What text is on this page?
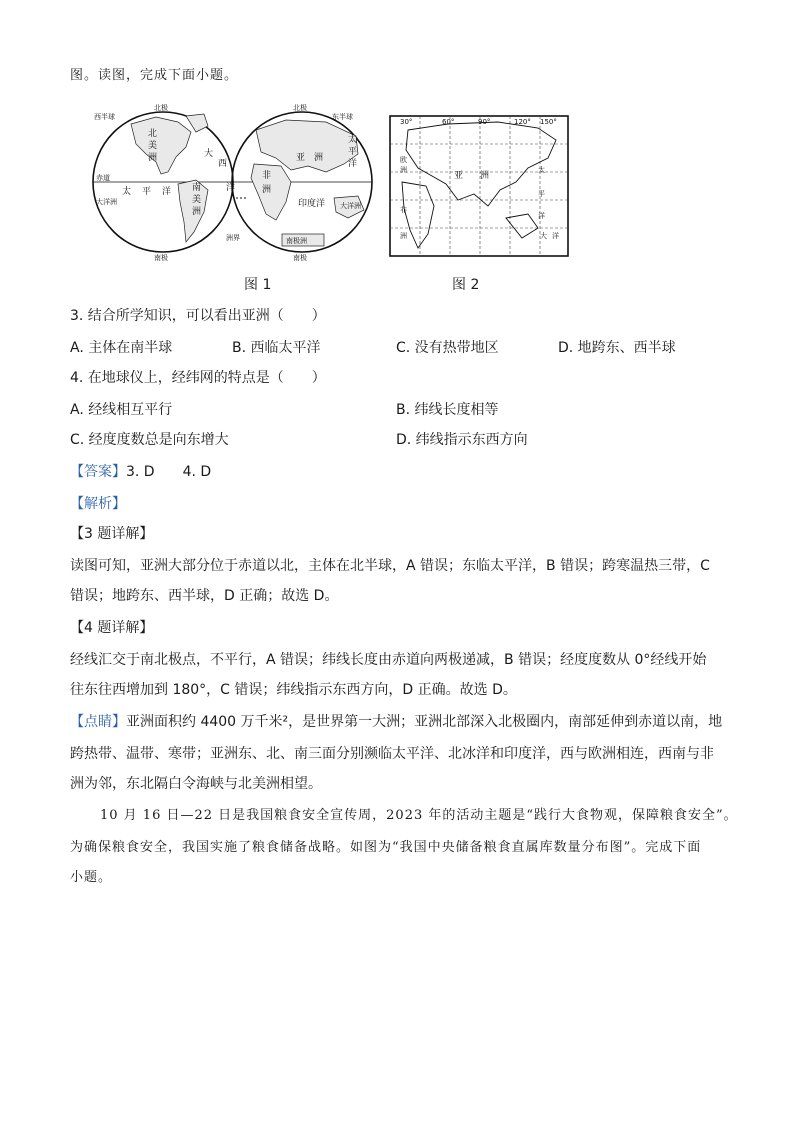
图。读图，完成下面小题。
西半球
北极	北极
东半球
北
美
洲	大
西
洋
赤道
太 平 洋
大洋洲
南
美
洲
亚 洲
非
洲
印度洋
太
平
洋
大洋洲
南极洲
洲界
南极	南极
30°	60°	90°	120° 150°
欧
洲
亚 洲
非
洲
太
平
洋
大 洋
图 1	图 2
3. 结合所学知识，可以看出亚洲（　　）
A. 主体在南半球	B. 西临太平洋	C. 没有热带地区	D. 地跨东、西半球
4. 在地球仪上，经纬网的特点是（　　）
A. 经线相互平行	B. 纬线长度相等
C. 经度度数总是向东增大	D. 纬线指示东西方向
【答案】3. D　　4. D
【解析】
【3 题详解】
读图可知，亚洲大部分位于赤道以北，主体在北半球，A 错误；东临太平洋，B 错误；跨寒温热三带，C
错误；地跨东、西半球，D 正确；故选 D。
【4 题详解】
经线汇交于南北极点，不平行，A 错误；纬线长度由赤道向两极递减，B 错误；经度度数从 0°经线开始
往东往西增加到 180°，C 错误；纬线指示东西方向，D 正确。故选 D。
【点睛】亚洲面积约 4400 万千米²，是世界第一大洲；亚洲北部深入北极圈内，南部延伸到赤道以南，地
跨热带、温带、寒带；亚洲东、北、南三面分别濒临太平洋、北冰洋和印度洋，西与欧洲相连，西南与非
洲为邻，东北隔白令海峡与北美洲相望。
10 月 16 日—22 日是我国粮食安全宣传周，2023 年的活动主题是“践行大食物观，保障粮食安全”。
为确保粮食安全，我国实施了粮食储备战略。如图为“我国中央储备粮食直属库数量分布图”。完成下面
小题。
